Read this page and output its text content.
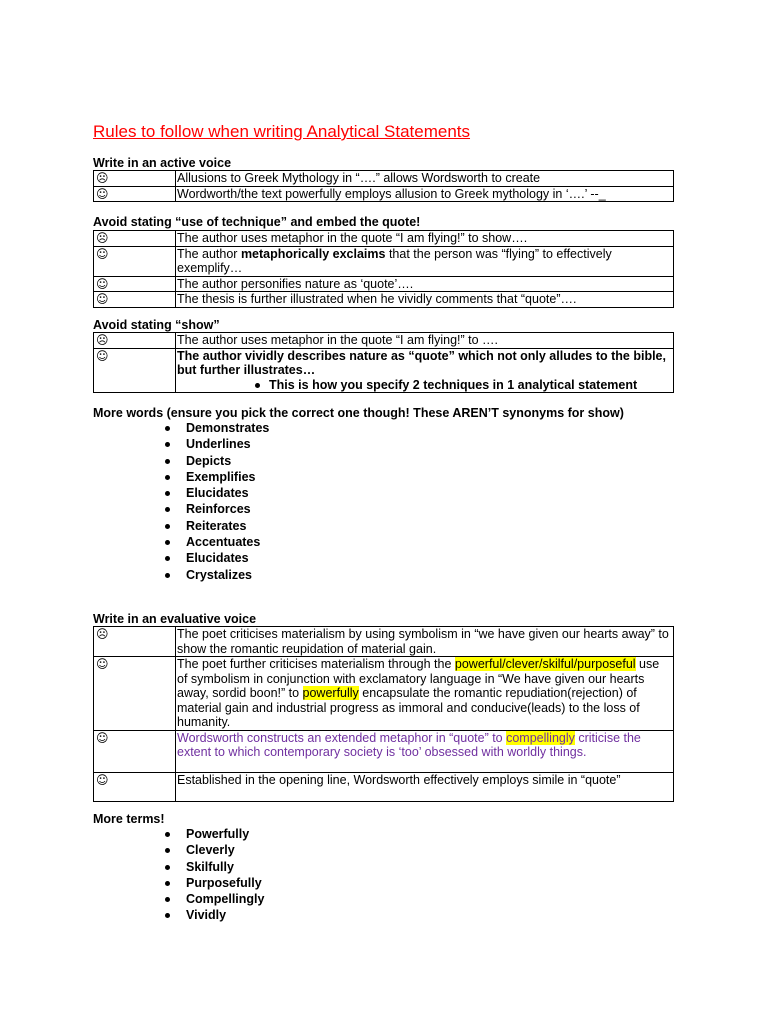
Rules to follow when writing Analytical Statements
Write in an active voice
☹	Allusions to Greek Mythology in “….” allows Wordsworth to create
☺	Wordworth/the text powerfully employs allusion to Greek mythology in ‘….’ --_
Avoid stating “use of technique” and embed the quote!
☹	The author uses metaphor in the quote “I am flying!” to show….
☺	The author metaphorically exclaims that the person was “flying” to effectively exemplify…
☺	The author personifies nature as ‘quote’….
☺	The thesis is further illustrated when he vividly comments that “quote”….
Avoid stating “show”
☹	The author uses metaphor in the quote “I am flying!” to ….
☺	The author vividly describes nature as “quote” which not only alludes to the bible, but further illustrates…
This is how you specify 2 techniques in 1 analytical statement
More words (ensure you pick the correct one though! These AREN’T synonyms for show)
Demonstrates
Underlines
Depicts
Exemplifies
Elucidates
Reinforces
Reiterates
Accentuates
Elucidates
Crystalizes
Write in an evaluative voice
☹	The poet criticises materialism by using symbolism in “we have given our hearts away” to show the romantic reupidation of material gain.
☺	The poet further criticises materialism through the powerful/clever/skilful/purposeful use of symbolism in conjunction with exclamatory language in “We have given our hearts away, sordid boon!” to powerfully encapsulate the romantic repudiation(rejection) of material gain and industrial progress as immoral and conducive(leads) to the loss of humanity.
☺	Wordsworth constructs an extended metaphor in “quote” to compellingly criticise the extent to which contemporary society is ‘too’ obsessed with worldly things.
☺	Established in the opening line, Wordsworth effectively employs simile in “quote”
More terms!
Powerfully
Cleverly
Skilfully
Purposefully
Compellingly
Vividly
